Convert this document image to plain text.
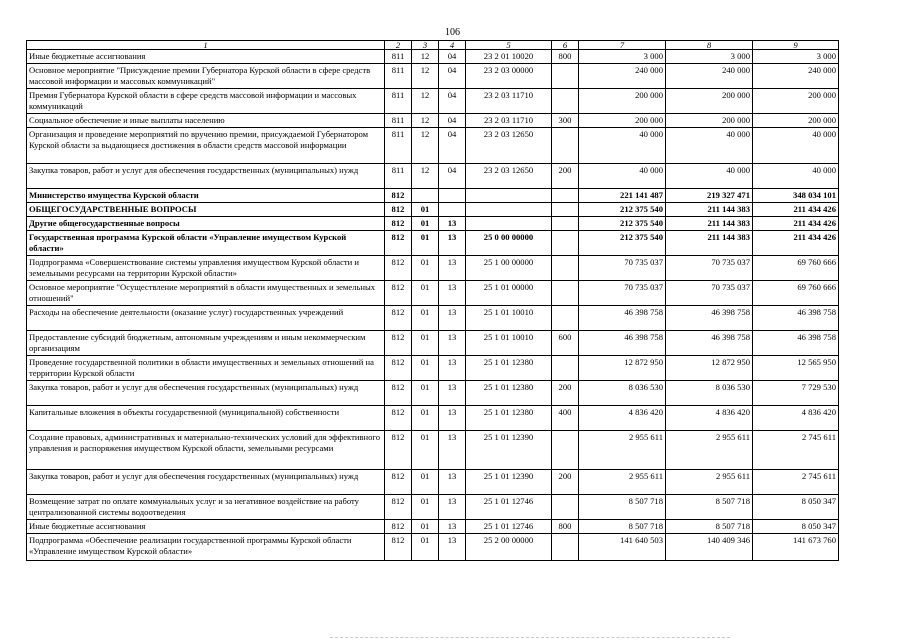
106
1	2	3	4	5	6	7	8	9
Иные бюджетные ассигнования	811	12	04	23 2 01 10020	800	3 000	3 000	3 000
Основное мероприятие "Присуждение премии Губернатора Курской области в сфере средств массовой информации и массовых коммуникаций"	811	12	04	23 2 03 00000		240 000	240 000	240 000
Премия Губернатора Курской области в сфере средств массовой информации и массовых коммуникаций	811	12	04	23 2 03 11710		200 000	200 000	200 000
Социальное обеспечение и иные выплаты населению	811	12	04	23 2 03 11710	300	200 000	200 000	200 000
Организация и проведение мероприятий по вручению премии, присуждаемой Губернатором Курской области за выдающиеся достижения в области средств массовой информации	811	12	04	23 2 03 12650		40 000	40 000	40 000
Закупка товаров, работ и услуг для обеспечения государственных (муниципальных) нужд	811	12	04	23 2 03 12650	200	40 000	40 000	40 000
Министерство имущества Курской области	812					221 141 487	219 327 471	348 034 101
ОБЩЕГОСУДАРСТВЕННЫЕ ВОПРОСЫ	812	01				212 375 540	211 144 383	211 434 426
Другие общегосударственные вопросы	812	01	13			212 375 540	211 144 383	211 434 426
Государственная программа Курской области «Управление имуществом Курской области»	812	01	13	25 0 00 00000		212 375 540	211 144 383	211 434 426
Подпрограмма «Совершенствование системы управления имуществом Курской области и земельными ресурсами на территории Курской области»	812	01	13	25 1 00 00000		70 735 037	70 735 037	69 760 666
Основное мероприятие "Осуществление мероприятий в области имущественных и земельных отношений"	812	01	13	25 1 01 00000		70 735 037	70 735 037	69 760 666
Расходы на обеспечение деятельности (оказание услуг) государственных учреждений	812	01	13	25 1 01 10010		46 398 758	46 398 758	46 398 758
Предоставление субсидий бюджетным, автономным учреждениям и иным некоммерческим организациям	812	01	13	25 1 01 10010	600	46 398 758	46 398 758	46 398 758
Проведение государственной политики в области имущественных и земельных отношений на территории Курской области	812	01	13	25 1 01 12380		12 872 950	12 872 950	12 565 950
Закупка товаров, работ и услуг для обеспечения государственных (муниципальных) нужд	812	01	13	25 1 01 12380	200	8 036 530	8 036 530	7 729 530
Капитальные вложения в объекты государственной (муниципальной) собственности	812	01	13	25 1 01 12380	400	4 836 420	4 836 420	4 836 420
Создание правовых, административных и материально-технических условий для эффективного управления и распоряжения имуществом Курской области, земельными ресурсами	812	01	13	25 1 01 12390		2 955 611	2 955 611	2 745 611
Закупка товаров, работ и услуг для обеспечения государственных (муниципальных) нужд	812	01	13	25 1 01 12390	200	2 955 611	2 955 611	2 745 611
Возмещение затрат по оплате коммунальных услуг и за негативное воздействие на работу централизованной системы водоотведения	812	01	13	25 1 01 12746		8 507 718	8 507 718	8 050 347
Иные бюджетные ассигнования	812	01	13	25 1 01 12746	800	8 507 718	8 507 718	8 050 347
Подпрограмма «Обеспечение реализации государственной программы Курской области «Управление имуществом Курской области»	812	01	13	25 2 00 00000		141 640 503	140 409 346	141 673 760
